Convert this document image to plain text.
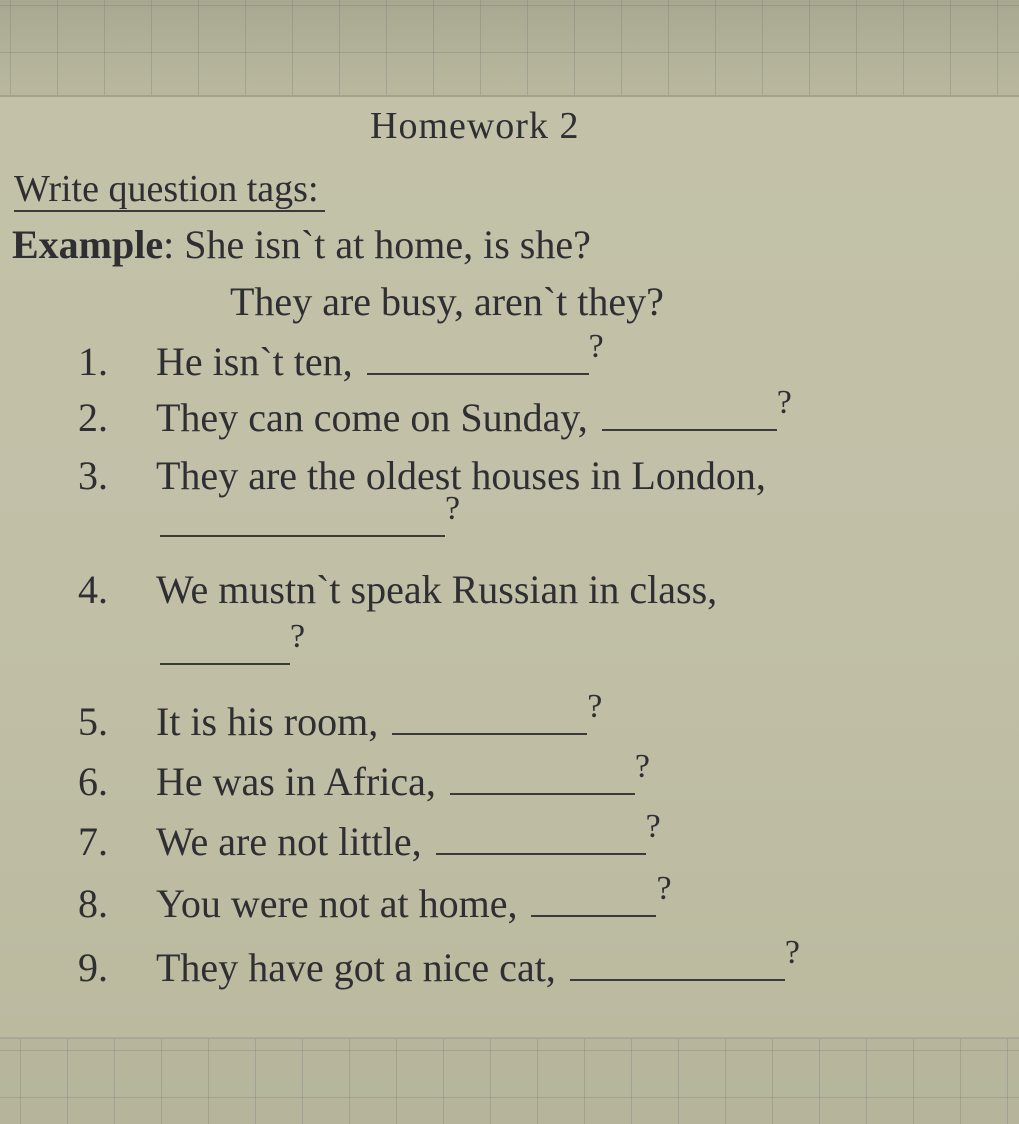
Homework 2
Write question tags:
Example: She isn`t at home, is she?
They are busy, aren`t they?
1.	He isn`t ten,	?
2.	They can come on Sunday,	?
3.	They are the oldest houses in London,
?
4.	We mustn`t speak Russian in class,
?
5.	It is his room,	?
6.	He was in Africa,	?
7.	We are not little,	?
8.	You were not at home,	?
9.	They have got a nice cat,	?
